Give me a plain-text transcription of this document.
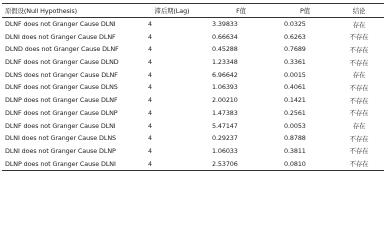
原假设(Null Hypothesis)	滞后期(Lag)	F值	P值	结论
DLNF does not Granger Cause DLNI	4	3.39833	0.0325	存在
DLNI does not Granger Cause DLNF	4	0.66634	0.6263	不存在
DLND does not Granger Cause DLNF	4	0.45288	0.7689	不存在
DLNF does not Granger Cause DLND	4	1.23348	0.3361	不存在
DLNS does not Granger Cause DLNF	4	6.96642	0.0015	存在
DLNF does not Granger Cause DLNS	4	1.06393	0.4061	不存在
DLNP does not Granger Cause DLNF	4	2.00210	0.1421	不存在
DLNF does not Granger Cause DLNP	4	1.47383	0.2561	不存在
DLNF does not Granger Cause DLNI	4	5.47147	0.0053	存在
DLNI does not Granger Cause DLNS	4	0.29237	0.8788	不存在
DLNI does not Granger Cause DLNP	4	1.06033	0.3811	不存在
DLNP does not Granger Cause DLNI	4	2.53706	0.0810	不存在
